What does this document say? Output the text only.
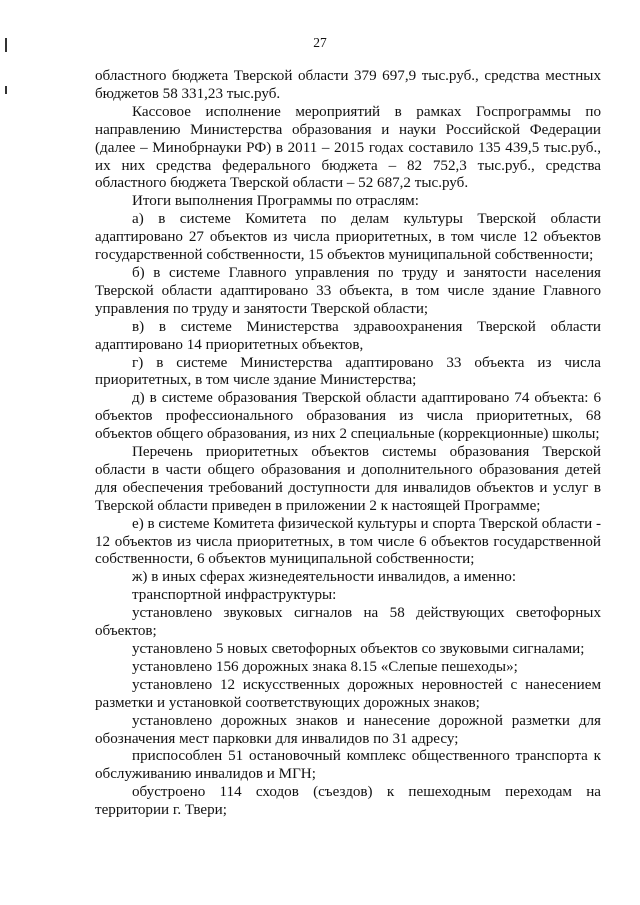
27

областного бюджета Тверской области 379 697,9 тыс.руб., средства местных бюджетов 58 331,23 тыс.руб.

Кассовое исполнение мероприятий в рамках Госпрограммы по направлению Министерства образования и науки Российской Федерации (далее – Минобрнауки РФ) в 2011 – 2015 годах составило 135 439,5 тыс.руб., их них средства федерального бюджета – 82 752,3 тыс.руб., средства областного бюджета Тверской области – 52 687,2 тыс.руб.

Итоги выполнения Программы по отраслям:

а) в системе Комитета по делам культуры Тверской области адаптировано 27 объектов из числа приоритетных, в том числе 12 объектов государственной собственности, 15 объектов муниципальной собственности;

б) в системе Главного управления по труду и занятости населения Тверской области адаптировано 33 объекта, в том числе здание Главного управления по труду и занятости Тверской области;

в) в системе Министерства здравоохранения Тверской области адаптировано 14 приоритетных объектов,

г) в системе Министерства адаптировано 33 объекта из числа приоритетных, в том числе здание Министерства;

д) в системе образования Тверской области адаптировано 74 объекта: 6 объектов профессионального образования из числа приоритетных, 68 объектов общего образования, из них 2 специальные (коррекционные) школы;

Перечень приоритетных объектов системы образования Тверской области в части общего образования и дополнительного образования детей для обеспечения требований доступности для инвалидов объектов и услуг в Тверской области приведен в приложении 2 к настоящей Программе;

е) в системе Комитета физической культуры и спорта Тверской области - 12 объектов из числа приоритетных, в том числе 6 объектов государственной собственности, 6 объектов муниципальной собственности;

ж) в иных сферах жизнедеятельности инвалидов, а именно:

транспортной инфраструктуры:

установлено звуковых сигналов на 58 действующих светофорных объектов;

установлено 5 новых светофорных объектов со звуковыми сигналами;

установлено 156 дорожных знака 8.15 «Слепые пешеходы»;

установлено 12 искусственных дорожных неровностей с нанесением разметки и установкой соответствующих дорожных знаков;

установлено дорожных знаков и нанесение дорожной разметки для обозначения мест парковки для инвалидов по 31 адресу;

приспособлен 51 остановочный комплекс общественного транспорта к обслуживанию инвалидов и МГН;

обустроено 114 сходов (съездов) к пешеходным переходам на территории г. Твери;
